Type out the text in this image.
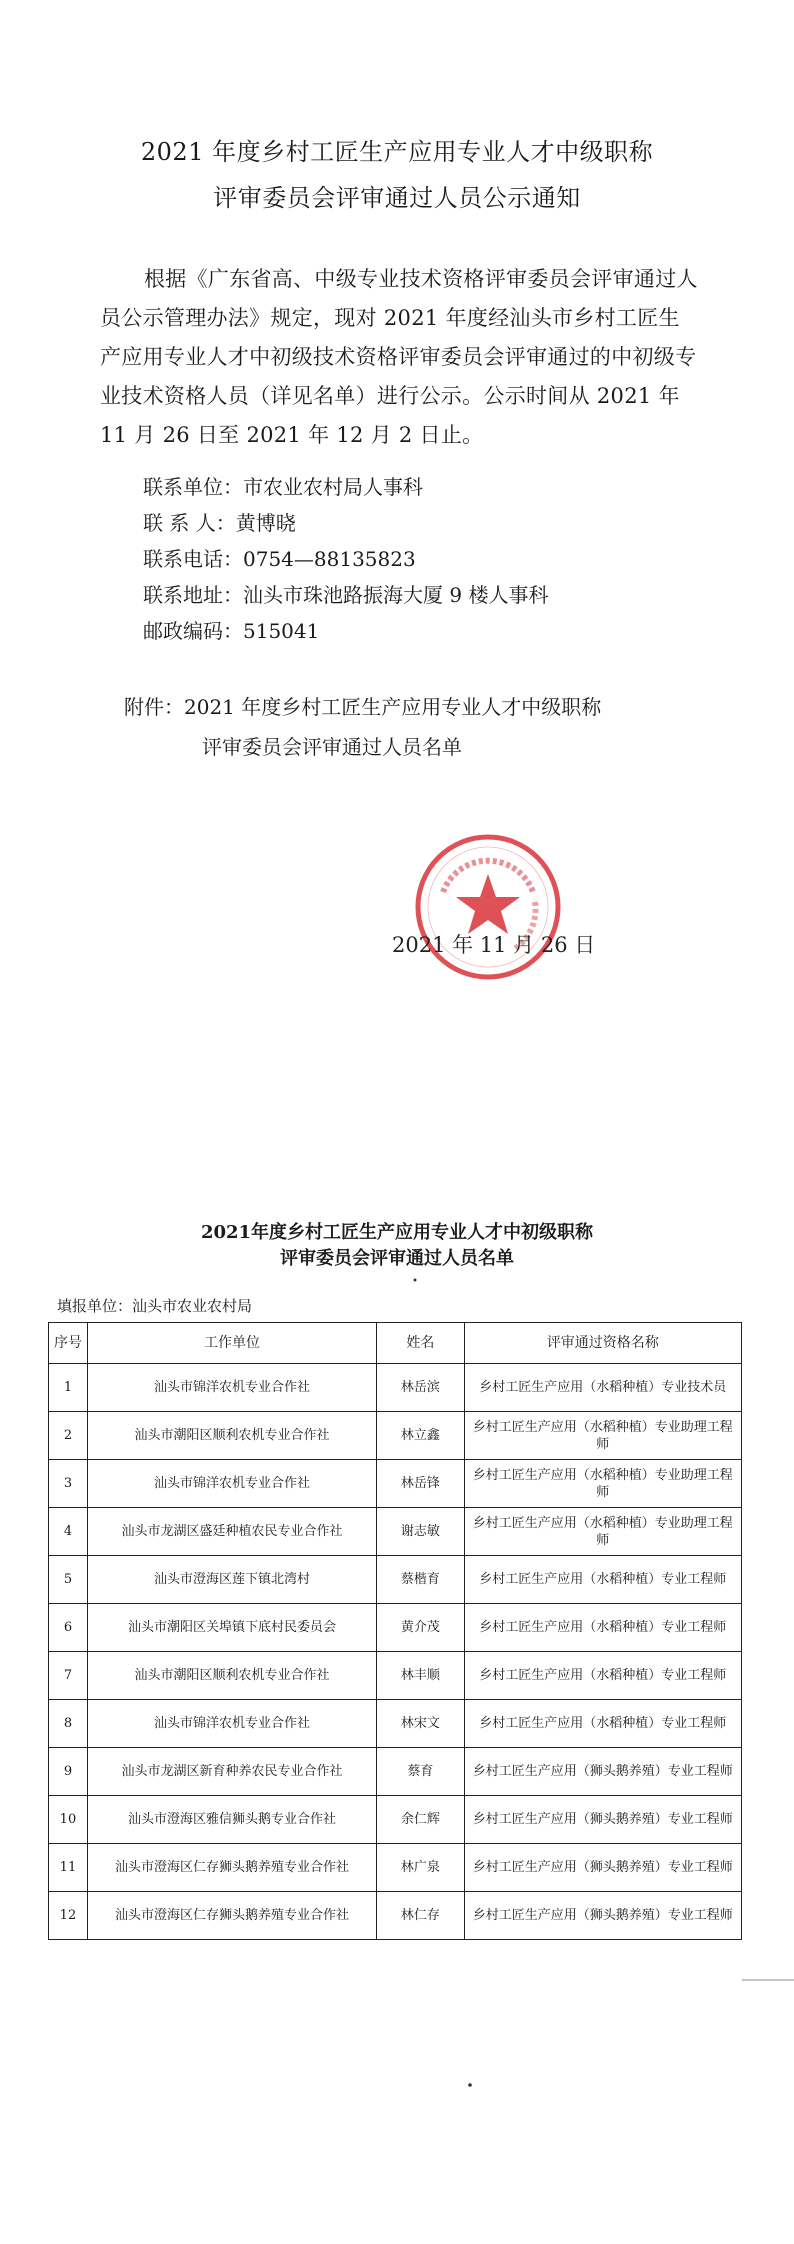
2021 年度乡村工匠生产应用专业人才中级职称
评审委员会评审通过人员公示通知
根据《广东省高、中级专业技术资格评审委员会评审通过人员公示管理办法》规定，现对 2021 年度经汕头市乡村工匠生产应用专业人才中初级技术资格评审委员会评审通过的中初级专业技术资格人员（详见名单）进行公示。公示时间从 2021 年 11 月 26 日至 2021 年 12 月 2 日止。
联系单位：市农业农村局人事科
联 系 人：黄博晓
联系电话：0754—88135823
联系地址：汕头市珠池路振海大厦 9 楼人事科
邮政编码：515041
附件：2021 年度乡村工匠生产应用专业人才中级职称
评审委员会评审通过人员名单
2021 年 11 月 26 日
2021年度乡村工匠生产应用专业人才中初级职称
评审委员会评审通过人员名单
填报单位：汕头市农业农村局
序号	工作单位	姓名	评审通过资格名称
1	汕头市锦洋农机专业合作社	林岳滨	乡村工匠生产应用（水稻种植）专业技术员
2	汕头市潮阳区顺利农机专业合作社	林立鑫	乡村工匠生产应用（水稻种植）专业助理工程师
3	汕头市锦洋农机专业合作社	林岳锋	乡村工匠生产应用（水稻种植）专业助理工程师
4	汕头市龙湖区盛廷种植农民专业合作社	谢志敏	乡村工匠生产应用（水稻种植）专业助理工程师
5	汕头市澄海区莲下镇北湾村	蔡楷育	乡村工匠生产应用（水稻种植）专业工程师
6	汕头市潮阳区关埠镇下底村民委员会	黄介茂	乡村工匠生产应用（水稻种植）专业工程师
7	汕头市潮阳区顺利农机专业合作社	林丰顺	乡村工匠生产应用（水稻种植）专业工程师
8	汕头市锦洋农机专业合作社	林宋文	乡村工匠生产应用（水稻种植）专业工程师
9	汕头市龙湖区新育种养农民专业合作社	蔡育	乡村工匠生产应用（狮头鹅养殖）专业工程师
10	汕头市澄海区雅信狮头鹅专业合作社	余仁辉	乡村工匠生产应用（狮头鹅养殖）专业工程师
11	汕头市澄海区仁存狮头鹅养殖专业合作社	林广泉	乡村工匠生产应用（狮头鹅养殖）专业工程师
12	汕头市澄海区仁存狮头鹅养殖专业合作社	林仁存	乡村工匠生产应用（狮头鹅养殖）专业工程师
